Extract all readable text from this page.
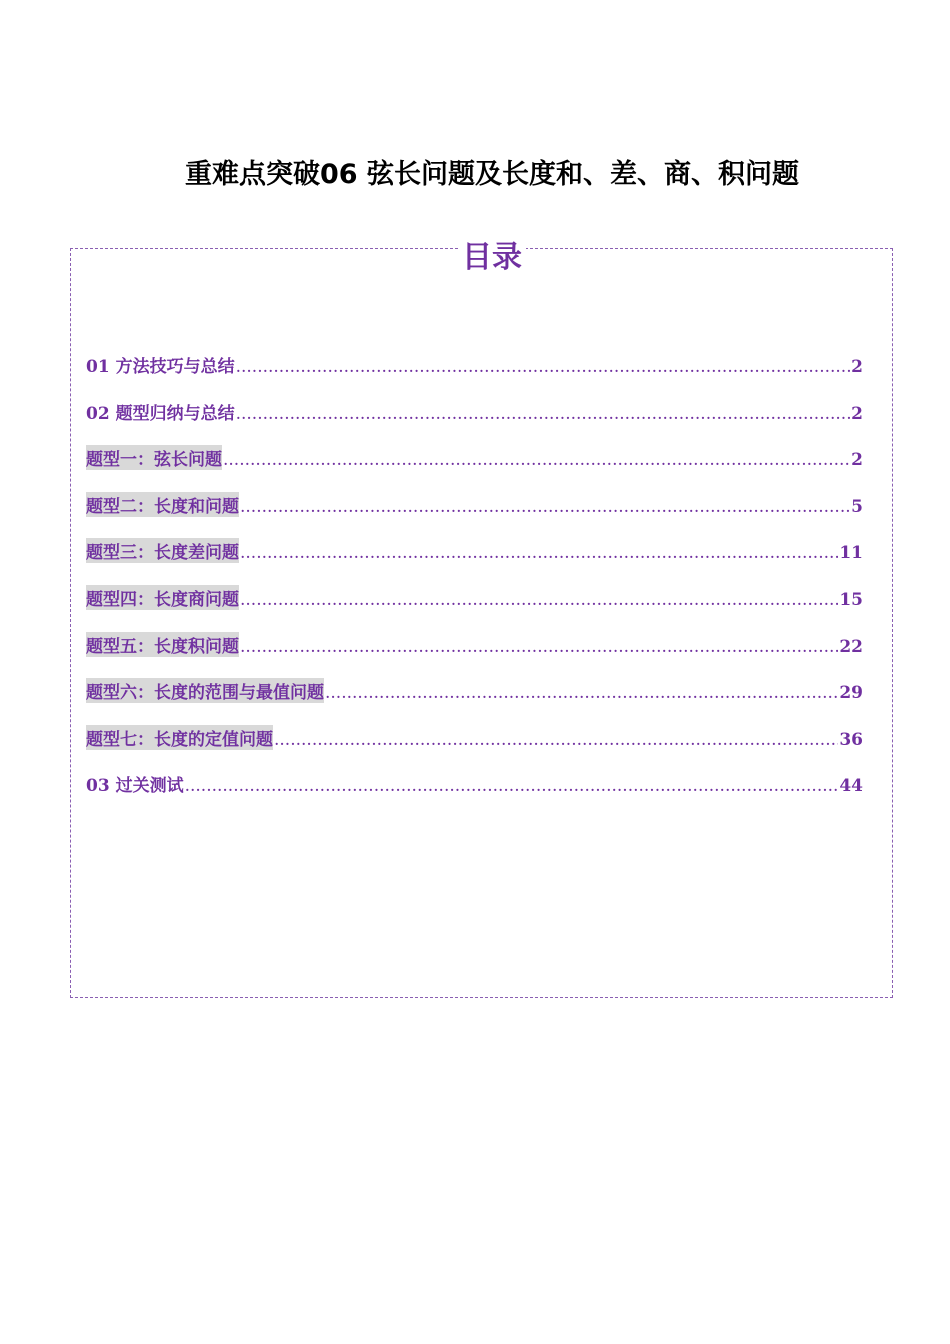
重难点突破06 弦长问题及长度和、差、商、积问题
目录
01 方法技巧与总结 .....	2
02 题型归纳与总结 .....	2
题型一：弦长问题 .....	2
题型二：长度和问题 .....	5
题型三：长度差问题 .....	11
题型四：长度商问题 .....	15
题型五：长度积问题 .....	22
题型六：长度的范围与最值问题 .....	29
题型七：长度的定值问题 .....	36
03 过关测试 .....	44
